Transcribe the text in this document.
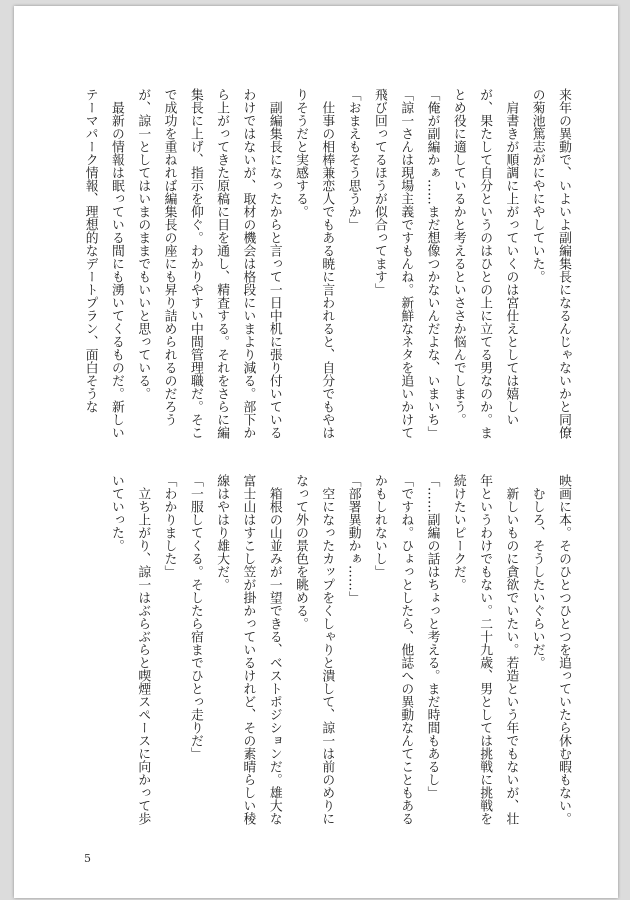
来年の異動で、いよいよ副編集長になるんじゃないかと同僚の菊池篤志がにやにやしていた。

　肩書きが順調に上がっていくのは宮仕えとしては嬉しいが、果たして自分というのはひとの上に立てる男なのか。まとめ役に適しているかと考えるといささか悩んでしまう。

「俺が副編かぁ……まだ想像つかないんだよな、いまいち」

「諒一さんは現場主義ですもんね。新鮮なネタを追いかけて飛び回ってるほうが似合ってます」

「おまえもそう思うか」

　仕事の相棒兼恋人でもある暁に言われると、自分でもやはりそうだと実感する。

　副編集長になったからと言って一日中机に張り付いているわけではないが、取材の機会は格段にいまより減る。部下から上がってきた原稿に目を通し、精査する。それをさらに編集長に上げ、指示を仰ぐ。わかりやすい中間管理職だ。そこで成功を重ねれば編集長の座にも昇り詰められるのだろうが、諒一としてはいまのままでもいいと思っている。

　最新の情報は眠っている間にも湧いてくるものだ。新しいテーマパーク情報、理想的なデートプラン、面白そうな

映画に本。そのひとつひとつを追っていたら休む暇もない。

　むしろ、そうしたいぐらいだ。

　新しいものに貪欲でいたい。若造という年でもないが、壮年というわけでもない。二十九歳、男としては挑戦に挑戦を続けたいピークだ。

「……副編の話はちょっと考える。まだ時間もあるし」

「ですね。ひょっとしたら、他誌への異動なんてこともあるかもしれないし」

「部署異動かぁ……」

　空になったカップをくしゃりと潰して、諒一は前のめりになって外の景色を眺める。

　箱根の山並みが一望できる、ベストポジションだ。雄大な富士山はすこし笠が掛かっているけれど、その素晴らしい稜線はやはり雄大だ。

「一服してくる。そしたら宿までひとっ走りだ」

「わかりました」

　立ち上がり、諒一はぶらぶらと喫煙スペースに向かって歩いていった。

5
